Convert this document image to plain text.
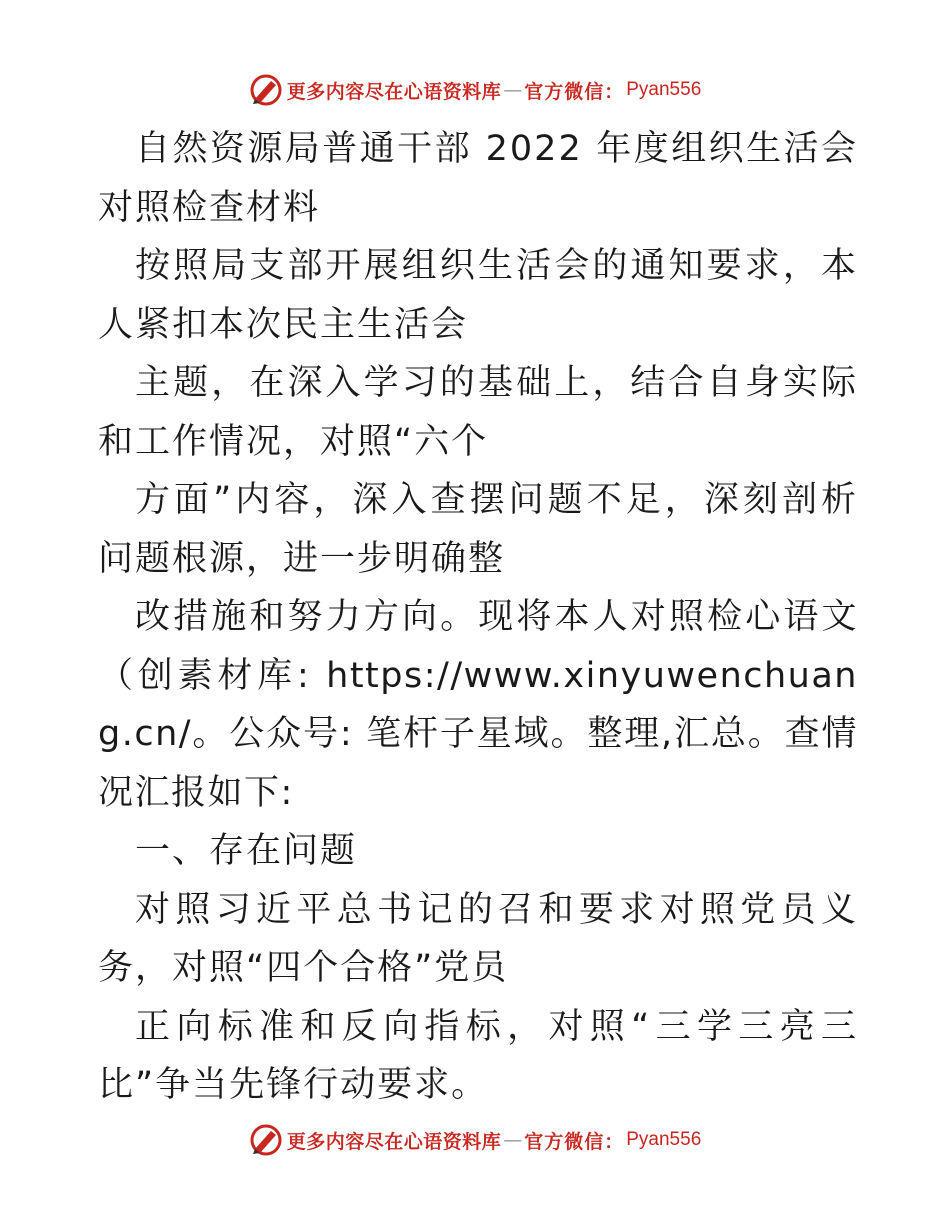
更多内容尽在心语资料库 — 官方微信： Pyan556

自然资源局普通干部 2022 年度组织生活会对照检查材料

按照局支部开展组织生活会的通知要求，本人紧扣本次民主生活会

主题，在深入学习的基础上，结合自身实际和工作情况，对照“六个

方面”内容，深入查摆问题不足，深刻剖析问题根源，进一步明确整

改措施和努力方向。现将本人对照检心语文（创素材库: https://www.xinyuwenchuang.cn/。公众号: 笔杆子星域。整理,汇总。查情况汇报如下:

一、存在问题

对照习近平总书记的召和要求对照党员义务，对照“四个合格”党员

正向标准和反向指标，对照“三学三亮三比”争当先锋行动要求。

更多内容尽在心语资料库 — 官方微信： Pyan556
